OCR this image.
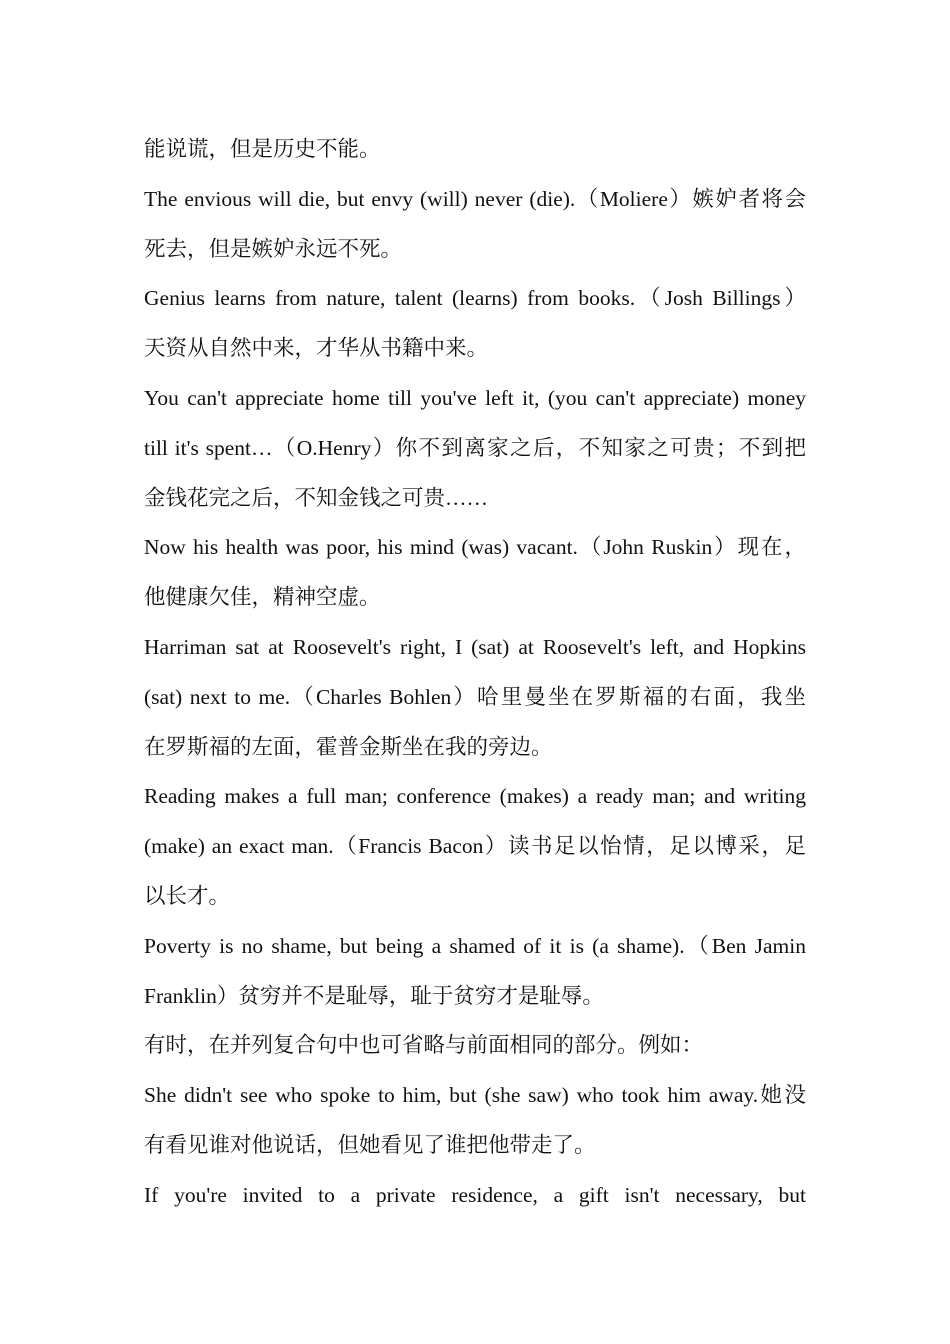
能说谎，但是历史不能。
The envious will die, but envy (will) never (die).（Moliere）嫉妒者将会
死去，但是嫉妒永远不死。
Genius learns from nature, talent (learns) from books.（Josh Billings）
天资从自然中来，才华从书籍中来。
You can't appreciate home till you've left it, (you can't appreciate) money
till it's spent…（O.Henry）你不到离家之后，不知家之可贵；不到把
金钱花完之后，不知金钱之可贵……
Now his health was poor, his mind (was) vacant.（John Ruskin）现在，
他健康欠佳，精神空虚。
Harriman sat at Roosevelt's right, I (sat) at Roosevelt's left, and Hopkins
(sat) next to me.（Charles Bohlen）哈里曼坐在罗斯福的右面，我坐
在罗斯福的左面，霍普金斯坐在我的旁边。
Reading makes a full man; conference (makes) a ready man; and writing
(make) an exact man.（Francis Bacon）读书足以怡情，足以博采，足
以长才。
Poverty is no shame, but being a shamed of it is (a shame).（Ben Jamin
Franklin）贫穷并不是耻辱，耻于贫穷才是耻辱。
有时，在并列复合句中也可省略与前面相同的部分。例如：
She didn't see who spoke to him, but (she saw) who took him away.她没
有看见谁对他说话，但她看见了谁把他带走了。
If you're invited to a private residence, a gift isn't necessary, but
